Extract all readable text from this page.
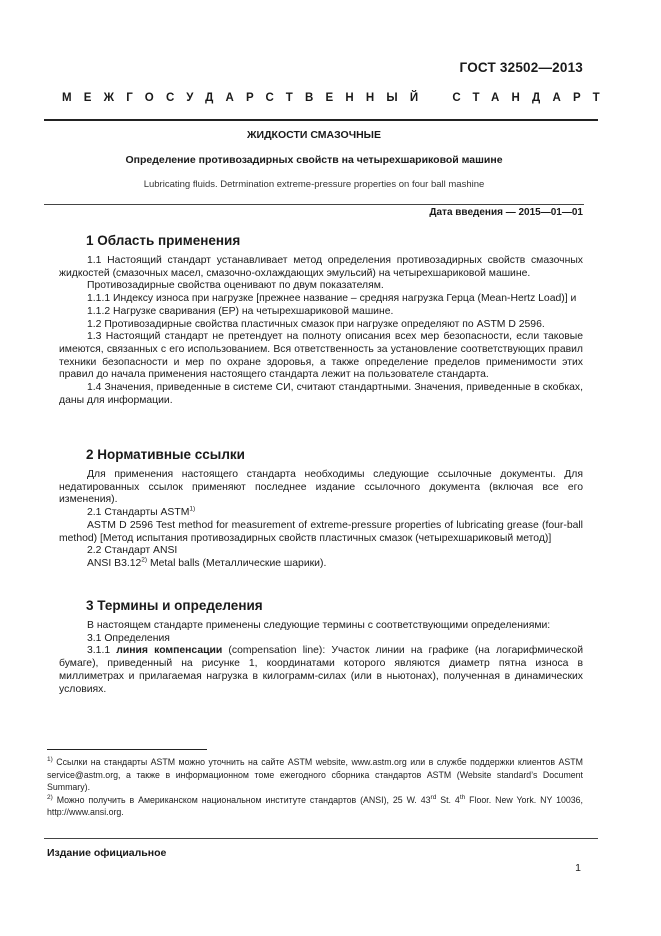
ГОСТ 32502—2013
МЕЖГОСУДАРСТВЕННЫЙ СТАНДАРТ
ЖИДКОСТИ СМАЗОЧНЫЕ
Определение противозадирных свойств на четырехшариковой машине
Lubricating fluids. Detrmination extreme-pressure properties on four ball mashine
Дата введения — 2015—01—01
1 Область применения

1.1 Настоящий стандарт устанавливает метод определения противозадирных свойств смазочных жидкостей (смазочных масел, смазочно-охлаждающих эмульсий) на четырехшариковой машине.

Противозадирные свойства оценивают по двум показателям.

1.1.1 Индексу износа при нагрузке [прежнее название – средняя нагрузка Герца (Mean-Hertz Load)] и

1.1.2 Нагрузке сваривания (ЕР) на четырехшариковой машине.

1.2 Противозадирные свойства пластичных смазок при нагрузке определяют по ASTM D 2596.

1.3 Настоящий стандарт не претендует на полноту описания всех мер безопасности, если таковые имеются, связанных с его использованием. Вся ответственность за установление соответствующих правил техники безопасности и мер по охране здоровья, а также определение пределов применимости этих правил до начала применения настоящего стандарта лежит на пользователе стандарта.

1.4 Значения, приведенные в системе СИ, считают стандартными. Значения, приведенные в скобках, даны для информации.

2 Нормативные ссылки

Для применения настоящего стандарта необходимы следующие ссылочные документы. Для недатированных ссылок применяют последнее издание ссылочного документа (включая все его изменения).

2.1 Стандарты ASTM$^{1)}$

ASTM D 2596 Test method for measurement of extreme-pressure properties of lubricating grease (four-ball method) [Метод испытания противозадирных свойств пластичных смазок (четырехшариковый метод)]

2.2 Стандарт ANSI

ANSI B3.12$^{2)}$ Metal balls (Металлические шарики).

3 Термины и определения

В настоящем стандарте применены следующие термины с соответствующими определениями:

3.1 Определения

3.1.1 линия компенсации (compensation line): Участок линии на графике (на логарифмической бумаге), приведенный на рисунке 1, координатами которого являются диаметр пятна износа в миллиметрах и прилагаемая нагрузка в килограмм-силах (или в ньютонах), полученная в динамических условиях.

$^{1)}$ Ссылки на стандарты ASTM можно уточнить на сайте ASTM website, www.astm.org или в службе поддержки клиентов ASTM service@astm.org, а также в информационном томе ежегодного сборника стандартов ASTM (Website standard’s Document Summary).

$^{2)}$ Можно получить в Американском национальном институте стандартов (ANSI), 25 W. 43rd St. 4th Floor. New York. NY 10036, http://www.ansi.org.

Издание официальное
1
